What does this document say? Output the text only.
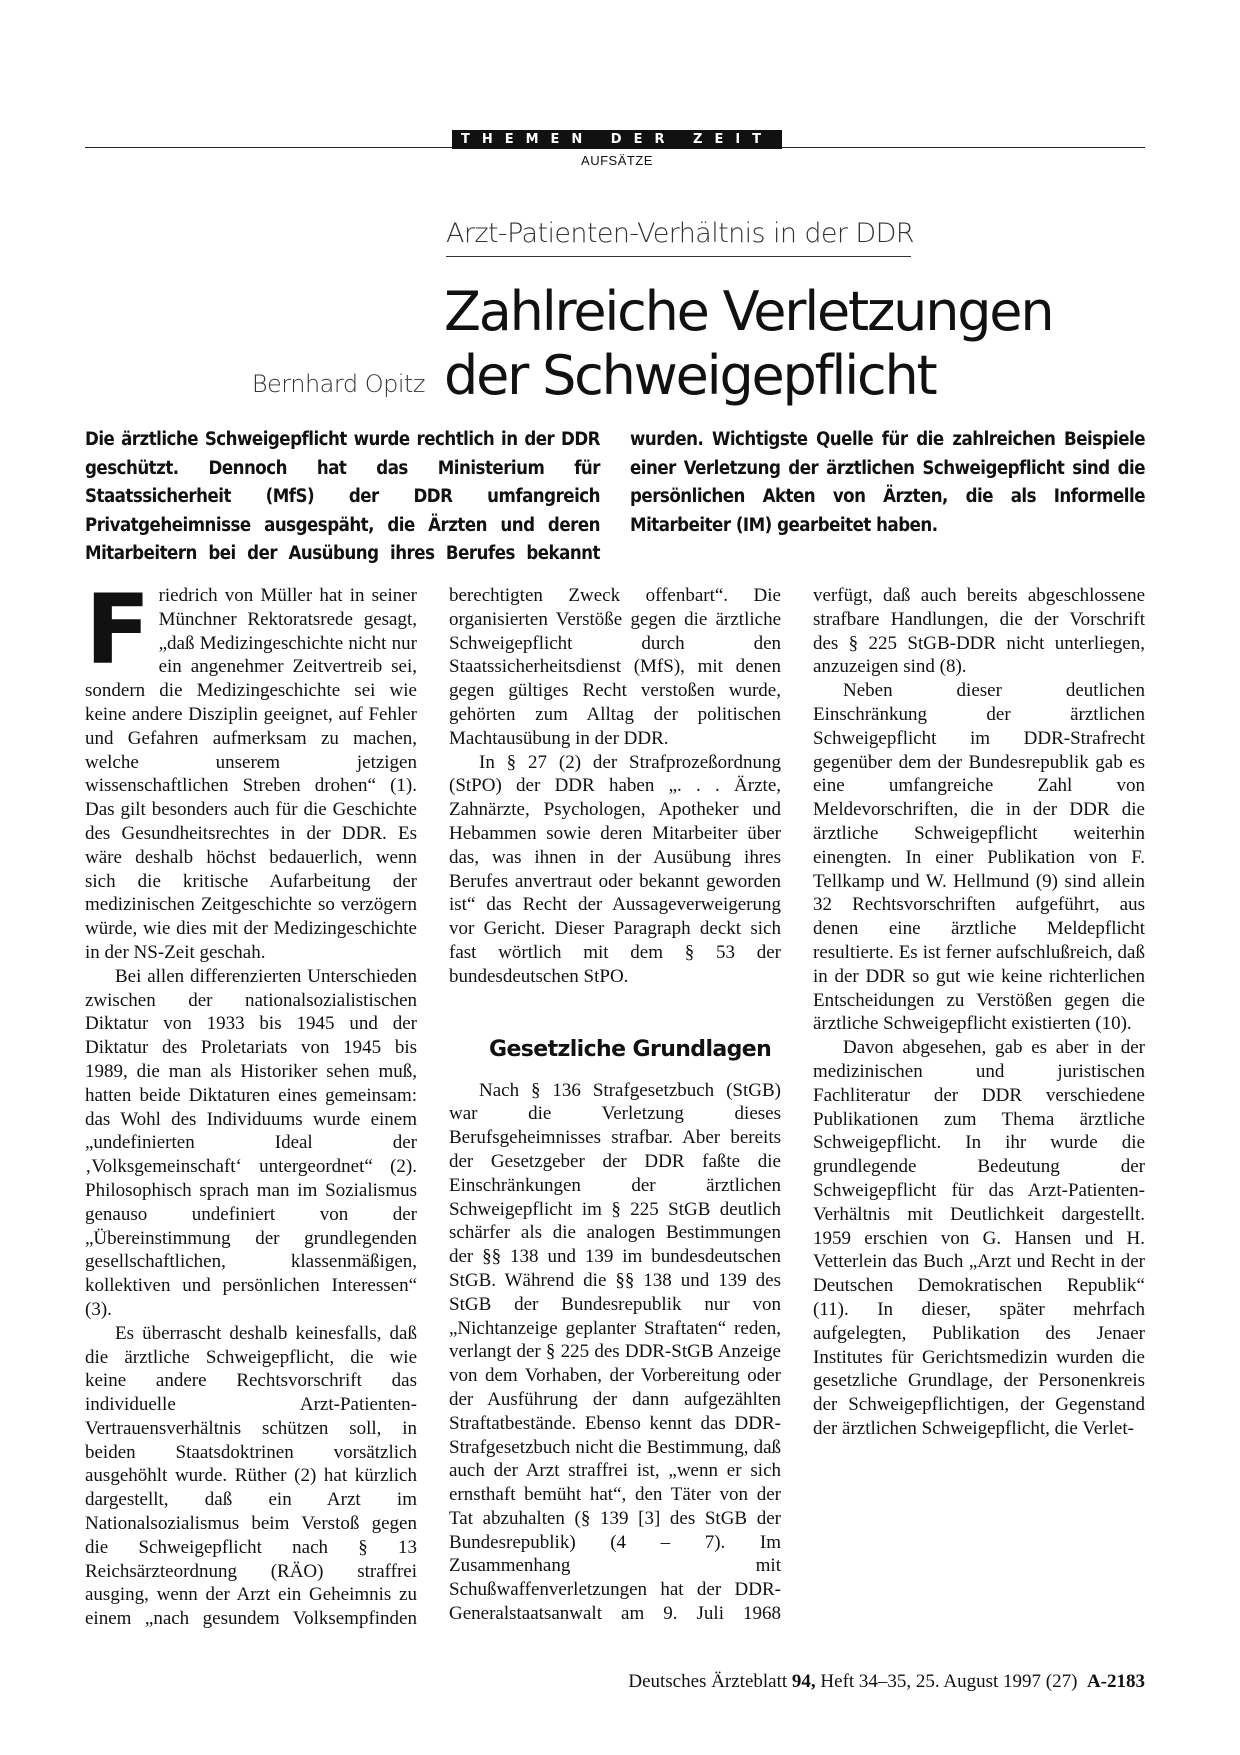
THEMEN DER ZEIT
AUFSÄTZE
Arzt-Patienten-Verhältnis in der DDR
Zahlreiche Verletzungen
der Schweigepflicht
Bernhard Opitz
Die ärztliche Schweigepflicht wurde rechtlich in der DDR geschützt. Dennoch hat das Ministerium für Staatssicherheit (MfS) der DDR umfangreich Privatgeheimnisse ausgespäht, die Ärzten und deren Mitarbeitern bei der Ausübung ihres Berufes bekannt wurden. Wichtigste Quelle für die zahlreichen Beispiele einer Verletzung der ärztlichen Schweigepflicht sind die persönlichen Akten von Ärzten, die als Informelle Mitarbeiter (IM) gearbeitet haben.

Friedrich von Müller hat in seiner Münchner Rektoratsrede gesagt, „daß Medizingeschichte nicht nur ein angenehmer Zeitvertreib sei, sondern die Medizingeschichte sei wie keine andere Disziplin geeignet, auf Fehler und Gefahren aufmerksam zu machen, welche unserem jetzigen wissenschaftlichen Streben drohen“ (1). Das gilt besonders auch für die Geschichte des Gesundheitsrechtes in der DDR. Es wäre deshalb höchst bedauerlich, wenn sich die kritische Aufarbeitung der medizinischen Zeitgeschichte so verzögern würde, wie dies mit der Medizingeschichte in der NS-Zeit geschah.

Bei allen differenzierten Unterschieden zwischen der nationalsozialistischen Diktatur von 1933 bis 1945 und der Diktatur des Proletariats von 1945 bis 1989, die man als Historiker sehen muß, hatten beide Diktaturen eines gemeinsam: das Wohl des Individuums wurde einem „undefinierten Ideal der ‚Volksgemeinschaft‘ untergeordnet“ (2). Philosophisch sprach man im Sozialismus genauso undefiniert von der „Übereinstimmung der grundlegenden gesellschaftlichen, klassenmäßigen, kollektiven und persönlichen Interessen“ (3).

Es überrascht deshalb keinesfalls, daß die ärztliche Schweigepflicht, die wie keine andere Rechtsvorschrift das individuelle Arzt-Patienten-Vertrauensverhältnis schützen soll, in beiden Staatsdoktrinen vorsätzlich ausgehöhlt wurde. Rüther (2) hat kürzlich dargestellt, daß ein Arzt im Nationalsozialismus beim Verstoß gegen die Schweigepflicht nach § 13 Reichsärzteordnung (RÄO) straffrei ausging, wenn der Arzt ein Geheimnis zu einem „nach gesundem Volksempfinden berechtigten Zweck offenbart“. Die organisierten Verstöße gegen die ärztliche Schweigepflicht durch den Staatssicherheitsdienst (MfS), mit denen gegen gültiges Recht verstoßen wurde, gehörten zum Alltag der politischen Machtausübung in der DDR.

In § 27 (2) der Strafprozeßordnung (StPO) der DDR haben „. . . Ärzte, Zahnärzte, Psychologen, Apotheker und Hebammen sowie deren Mitarbeiter über das, was ihnen in der Ausübung ihres Berufes anvertraut oder bekannt geworden ist“ das Recht der Aussageverweigerung vor Gericht. Dieser Paragraph deckt sich fast wörtlich mit dem § 53 der bundesdeutschen StPO.

Gesetzliche Grundlagen

Nach § 136 Strafgesetzbuch (StGB) war die Verletzung dieses Berufsgeheimnisses strafbar. Aber bereits der Gesetzgeber der DDR faßte die Einschränkungen der ärztlichen Schweigepflicht im § 225 StGB deutlich schärfer als die analogen Bestimmungen der §§ 138 und 139 im bundesdeutschen StGB. Während die §§ 138 und 139 des StGB der Bundesrepublik nur von „Nichtanzeige geplanter Straftaten“ reden, verlangt der § 225 des DDR-StGB Anzeige von dem Vorhaben, der Vorbereitung oder der Ausführung der dann aufgezählten Straftatbestände. Ebenso kennt das DDR-Strafgesetzbuch nicht die Bestimmung, daß auch der Arzt straffrei ist, „wenn er sich ernsthaft bemüht hat“, den Täter von der Tat abzuhalten (§ 139 [3] des StGB der Bundesrepublik) (4 – 7). Im Zusammenhang mit Schußwaffenverletzungen hat der DDR-Generalstaatsanwalt am 9. Juli 1968 verfügt, daß auch bereits abgeschlossene strafbare Handlungen, die der Vorschrift des § 225 StGB-DDR nicht unterliegen, anzuzeigen sind (8).

Neben dieser deutlichen Einschränkung der ärztlichen Schweigepflicht im DDR-Strafrecht gegenüber dem der Bundesrepublik gab es eine umfangreiche Zahl von Meldevorschriften, die in der DDR die ärztliche Schweigepflicht weiterhin einengten. In einer Publikation von F. Tellkamp und W. Hellmund (9) sind allein 32 Rechtsvorschriften aufgeführt, aus denen eine ärztliche Meldepflicht resultierte. Es ist ferner aufschlußreich, daß in der DDR so gut wie keine richterlichen Entscheidungen zu Verstößen gegen die ärztliche Schweigepflicht existierten (10).

Davon abgesehen, gab es aber in der medizinischen und juristischen Fachliteratur der DDR verschiedene Publikationen zum Thema ärztliche Schweigepflicht. In ihr wurde die grundlegende Bedeutung der Schweigepflicht für das Arzt-Patienten-Verhältnis mit Deutlichkeit dargestellt. 1959 erschien von G. Hansen und H. Vetterlein das Buch „Arzt und Recht in der Deutschen Demokratischen Republik“ (11). In dieser, später mehrfach aufgelegten, Publikation des Jenaer Institutes für Gerichtsmedizin wurden die gesetzliche Grundlage, der Personenkreis der Schweigepflichtigen, der Gegenstand der ärztlichen Schweigepflicht, die Verlet-

Deutsches Ärzteblatt 94, Heft 34–35, 25. August 1997 (27) A-2183
